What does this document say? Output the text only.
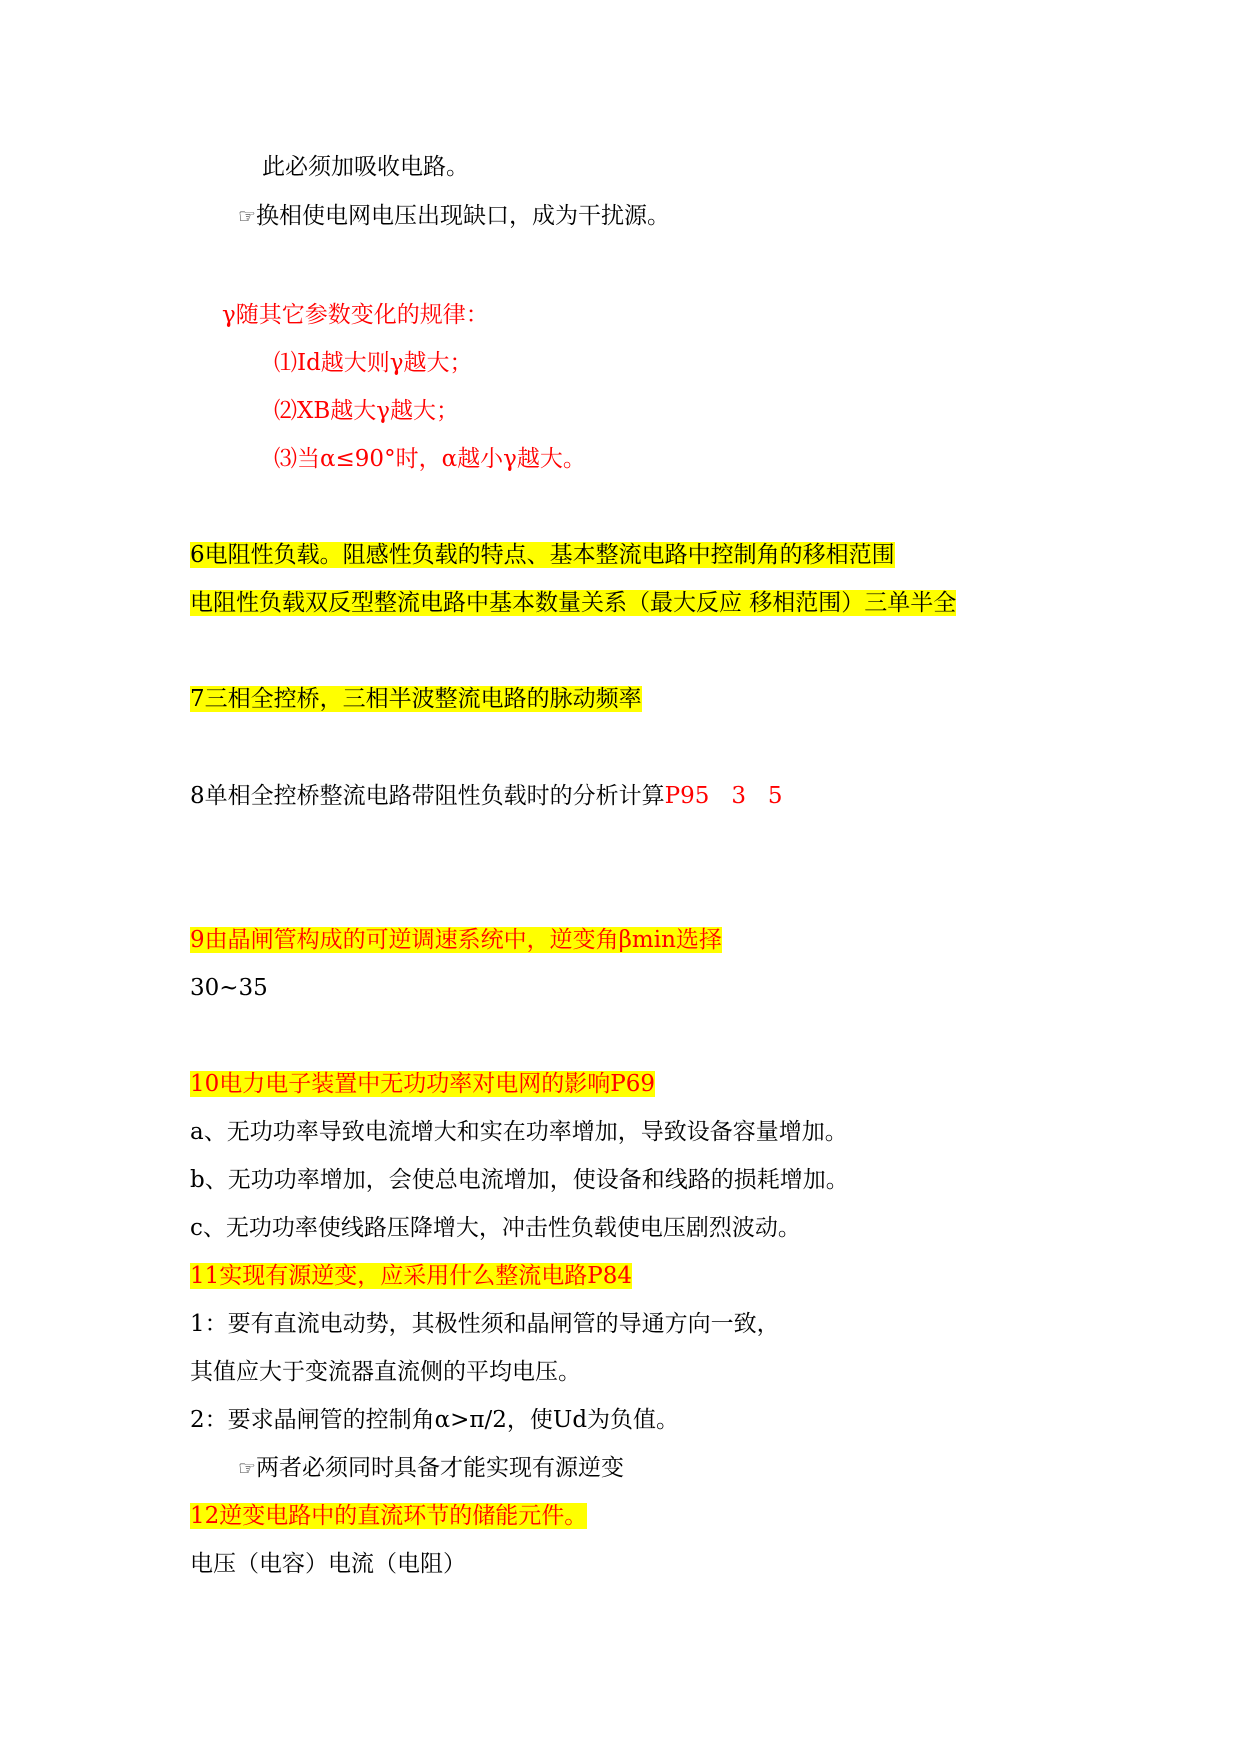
此必须加吸收电路。
☞换相使电网电压出现缺口，成为干扰源。
γ随其它参数变化的规律：
⑴Id越大则γ越大；
⑵XB越大γ越大；
⑶当α≤90°时，α越小γ越大。
6电阻性负载。阻感性负载的特点、基本整流电路中控制角的移相范围
电阻性负载双反型整流电路中基本数量关系（最大反应 移相范围）三单半全
7三相全控桥，三相半波整流电路的脉动频率
8单相全控桥整流电路带阻性负载时的分析计算P95   3   5
9由晶闸管构成的可逆调速系统中，逆变角βmin选择
30~35
10电力电子装置中无功功率对电网的影响P69
a、无功功率导致电流增大和实在功率增加，导致设备容量增加。
b、无功功率增加，会使总电流增加，使设备和线路的损耗增加。
c、无功功率使线路压降增大，冲击性负载使电压剧烈波动。
11实现有源逆变，应采用什么整流电路P84
1：要有直流电动势，其极性须和晶闸管的导通方向一致，
其值应大于变流器直流侧的平均电压。
2：要求晶闸管的控制角α>π/2，使Ud为负值。
☞两者必须同时具备才能实现有源逆变
12逆变电路中的直流环节的储能元件。
电压（电容）电流（电阻）
